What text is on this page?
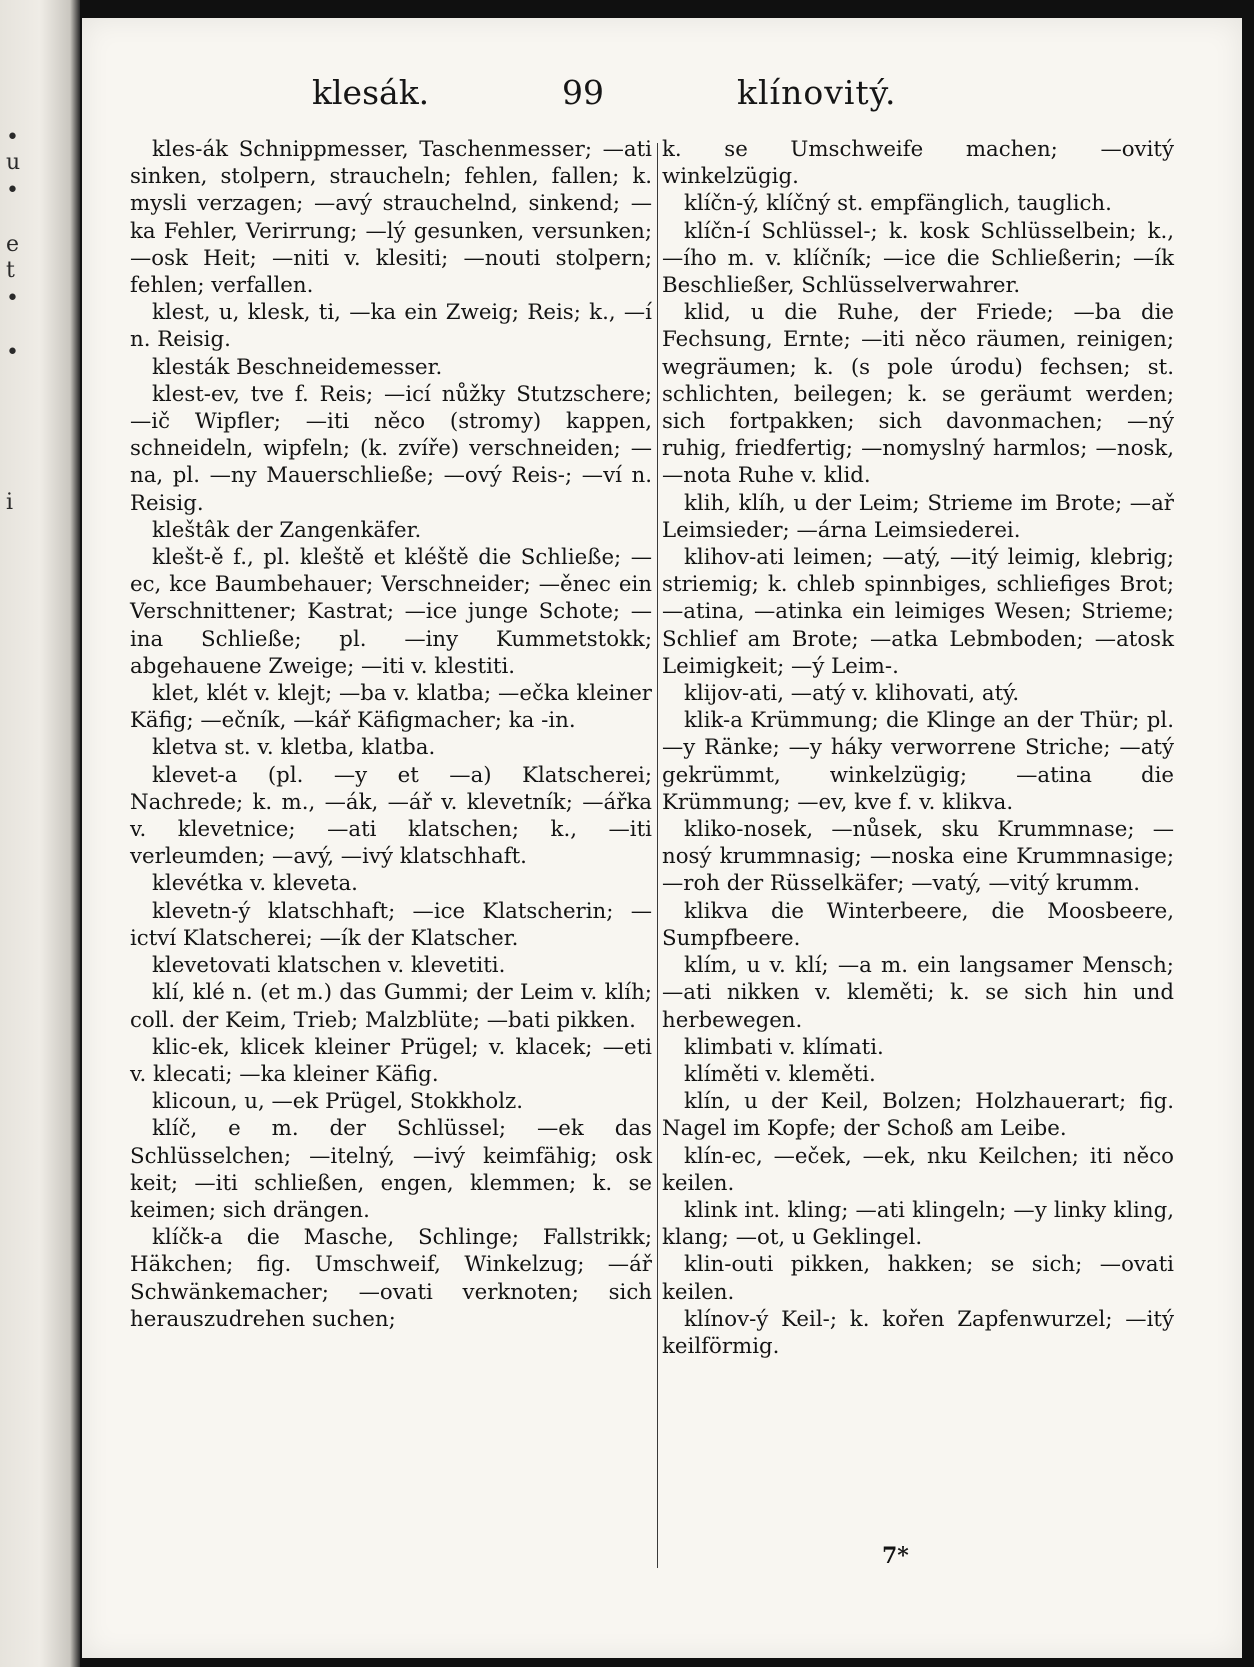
•
u
•
e
t
•
•
i
klesák.	99	klínovitý.

kles-ák Schnippmesser, Taschenmesser; —ati sinken, stolpern, straucheln; fehlen, fallen; k. mysli verzagen; —avý strauchelnd, sinkend; —ka Fehler, Verirrung; —lý gesunken, versunken; —osk Heit; —niti v. klesiti; —nouti stolpern; fehlen; verfallen.

klest, u, klesk, ti, —ka ein Zweig; Reis; k., —í n. Reisig.

klesták Beschneidemesser.

klest-ev, tve f. Reis; —icí nůžky Stutzschere; —ič Wipfler; —iti něco (stromy) kappen, schneideln, wipfeln; (k. zvíře) verschneiden; —na, pl. —ny Mauerschließe; —ový Reis-; —ví n. Reisig.

kleštâk der Zangenkäfer.

klešt-ě f., pl. kleště et kléště die Schließe; —ec, kce Baumbehauer; Verschneider; —ěnec ein Verschnittener; Kastrat; —ice junge Schote; —ina Schließe; pl. —iny Kummetstokk; abgehauene Zweige; —iti v. klestiti.

klet, klét v. klejt; —ba v. klatba; —ečka kleiner Käfig; —ečník, —kář Käfigmacher; ka -in.

kletva st. v. kletba, klatba.

klevet-a (pl. —y et —a) Klatscherei; Nachrede; k. m., —ák, —ář v. klevetník; —ářka v. klevetnice; —ati klatschen; k., —iti verleumden; —avý, —ivý klatschhaft.

klevétka v. kleveta.

klevetn-ý klatschhaft; —ice Klatscherin; —ictví Klatscherei; —ík der Klatscher.

klevetovati klatschen v. klevetiti.

klí, klé n. (et m.) das Gummi; der Leim v. klíh; coll. der Keim, Trieb; Malzblüte; —bati pikken.

klic-ek, klicek kleiner Prügel; v. klacek; —eti v. klecati; —ka kleiner Käfig.

klicoun, u, —ek Prügel, Stokkholz.

klíč, e m. der Schlüssel; —ek das Schlüsselchen; —itelný, —ivý keimfähig; osk keit; —iti schließen, engen, klemmen; k. se keimen; sich drängen.

klíčk-a die Masche, Schlinge; Fallstrikk; Häkchen; fig. Umschweif, Winkelzug; —ář Schwänkemacher; —ovati verknoten; sich herauszudrehen suchen;

k. se Umschweife machen; —ovitý winkelzügig.

klíčn-ý, klíčný st. empfänglich, tauglich.

klíčn-í Schlüssel-; k. kosk Schlüsselbein; k., —ího m. v. klíčník; —ice die Schließerin; —ík Beschließer, Schlüsselverwahrer.

klid, u die Ruhe, der Friede; —ba die Fechsung, Ernte; —iti něco räumen, reinigen; wegräumen; k. (s pole úrodu) fechsen; st. schlichten, beilegen; k. se geräumt werden; sich fortpakken; sich davonmachen; —ný ruhig, friedfertig; —nomyslný harmlos; —nosk, —nota Ruhe v. klid.

klih, klíh, u der Leim; Strieme im Brote; —ař Leimsieder; —árna Leimsiederei.

klihov-ati leimen; —atý, —itý leimig, klebrig; striemig; k. chleb spinnbiges, schliefiges Brot; —atina, —atinka ein leimiges Wesen; Strieme; Schlief am Brote; —atka Lebmboden; —atosk Leimigkeit; —ý Leim-.

klijov-ati, —atý v. klihovati, atý.

klik-a Krümmung; die Klinge an der Thür; pl. —y Ränke; —y háky verworrene Striche; —atý gekrümmt, winkelzügig; —atina die Krümmung; —ev, kve f. v. klikva.

kliko-nosek, —nůsek, sku Krummnase; —nosý krummnasig; —noska eine Krummnasige; —roh der Rüsselkäfer; —vatý, —vitý krumm.

klikva die Winterbeere, die Moosbeere, Sumpfbeere.

klím, u v. klí; —a m. ein langsamer Mensch; —ati nikken v. kleměti; k. se sich hin und herbewegen.

klimbati v. klímati.

klíměti v. kleměti.

klín, u der Keil, Bolzen; Holzhauerart; fig. Nagel im Kopfe; der Schoß am Leibe.

klín-ec, —eček, —ek, nku Keilchen; iti něco keilen.

klink int. kling; —ati klingeln; —y linky kling, klang; —ot, u Geklingel.

klin-outi pikken, hakken; se sich; —ovati keilen.

klínov-ý Keil-; k. kořen Zapfenwurzel; —itý keilförmig.

7*
